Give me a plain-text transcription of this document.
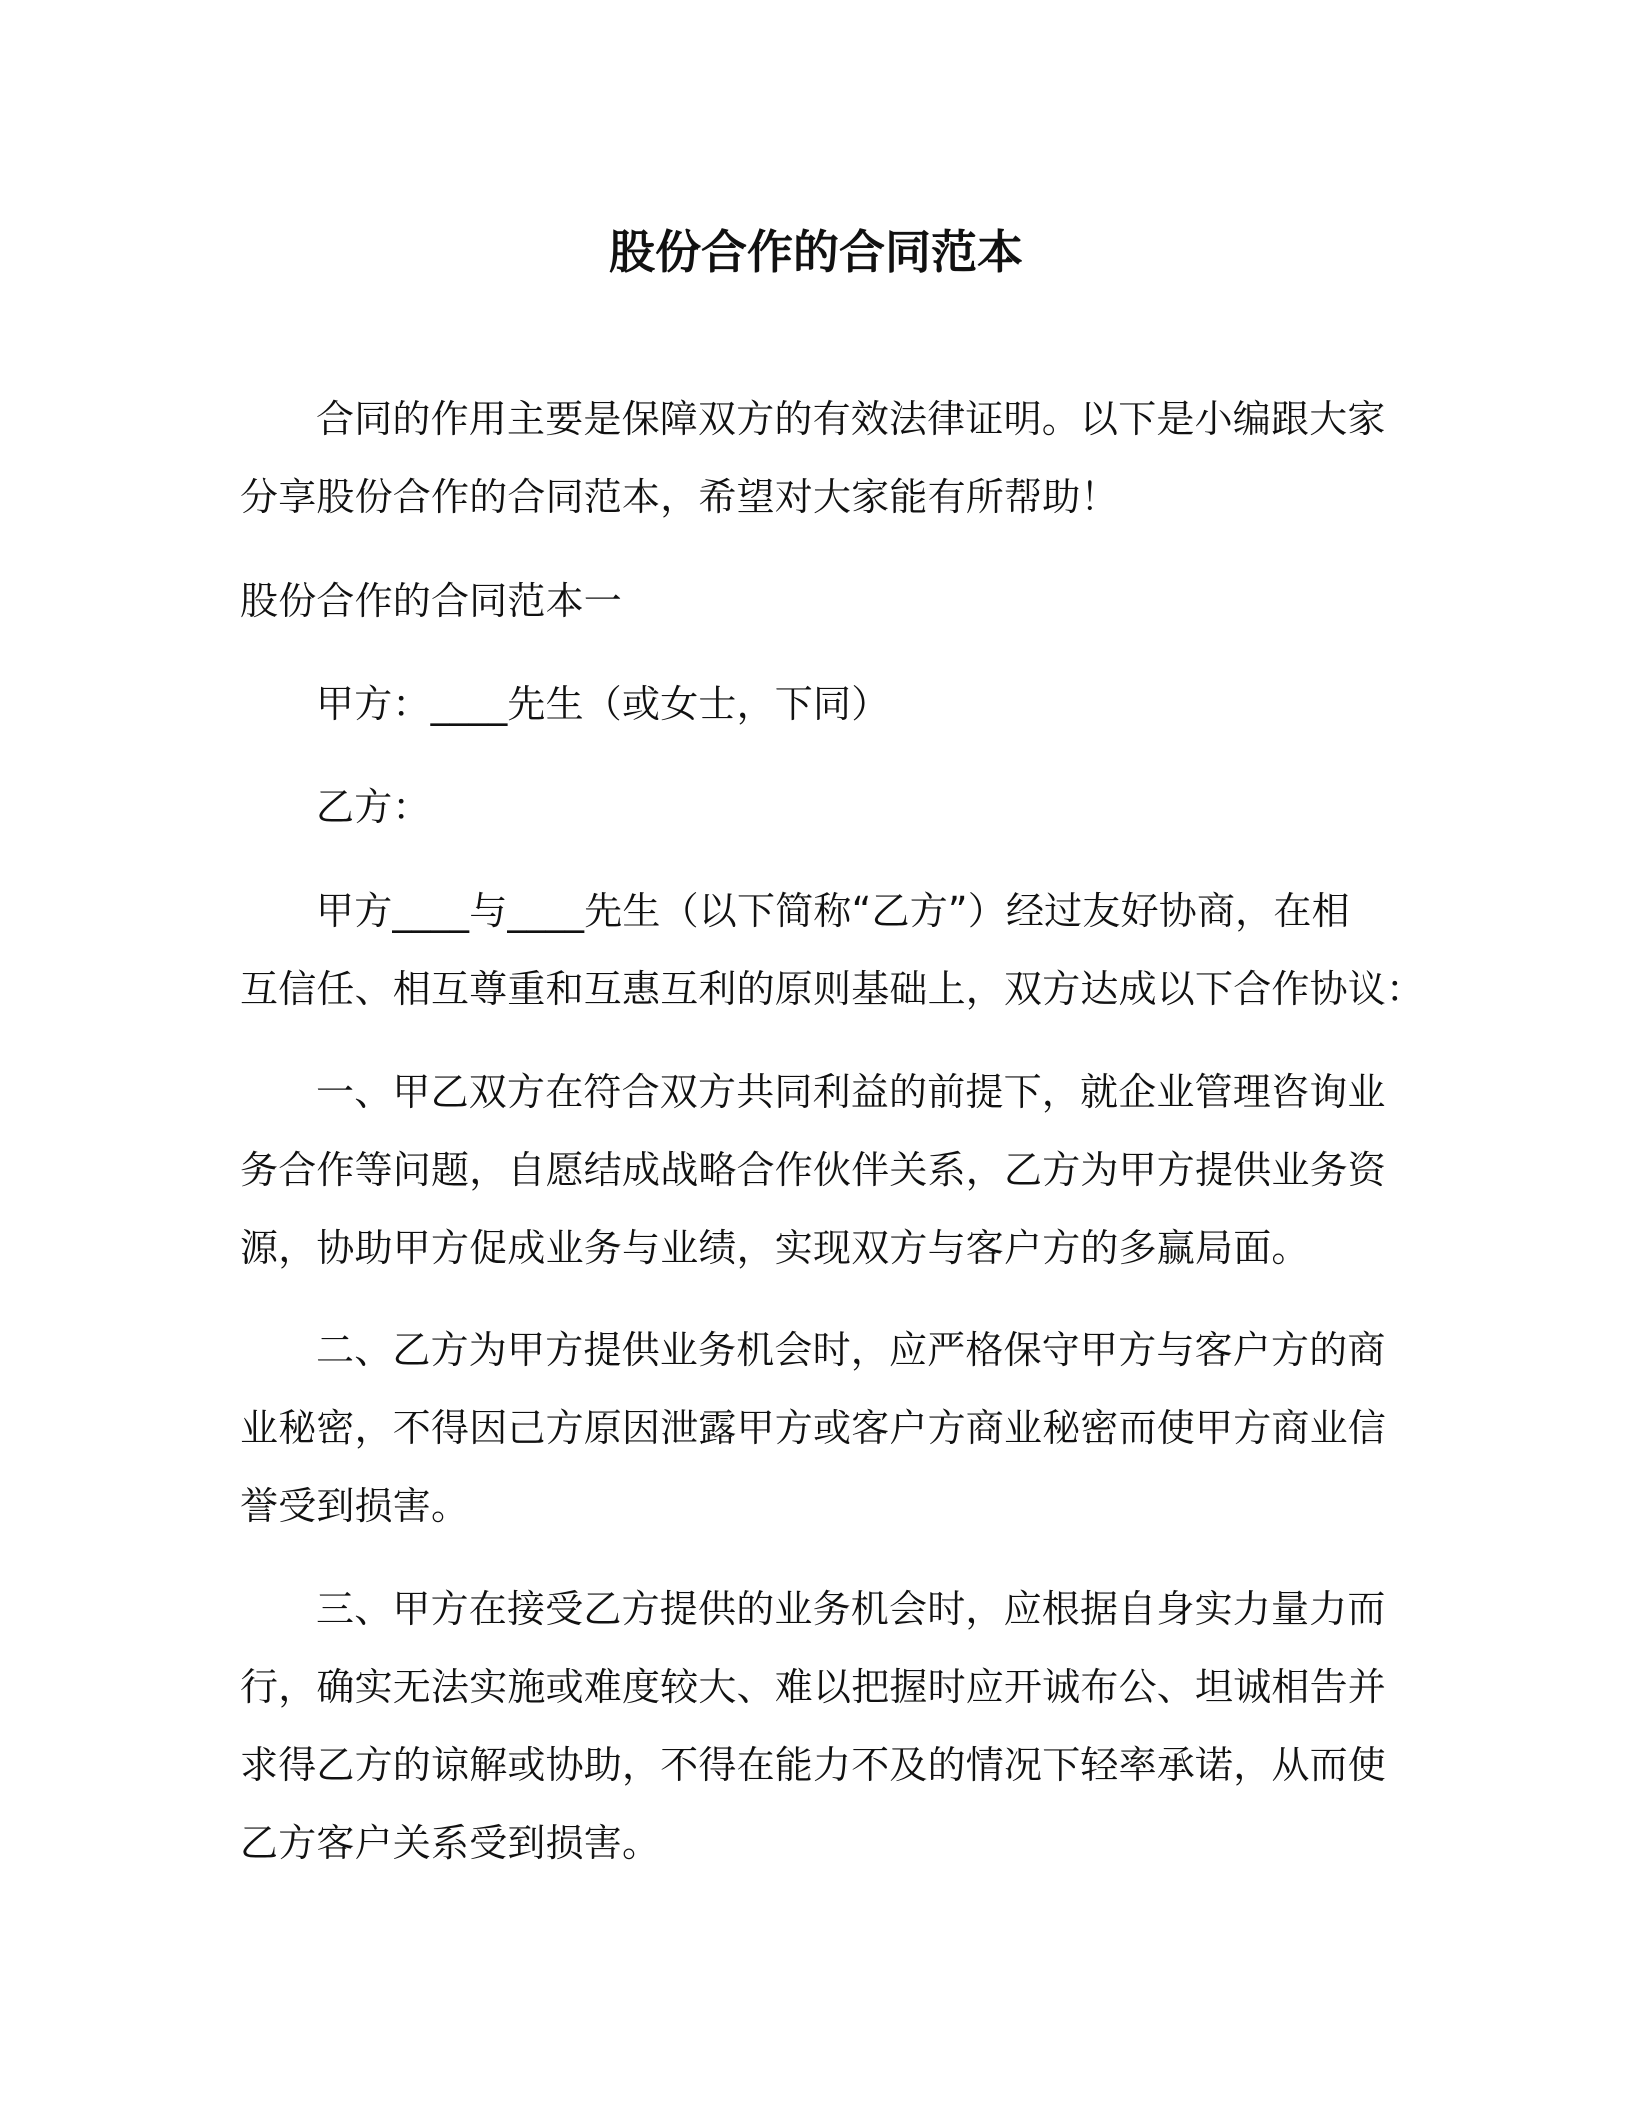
股份合作的合同范本
合同的作用主要是保障双方的有效法律证明。以下是小编跟大家
分享股份合作的合同范本，希望对大家能有所帮助！
股份合作的合同范本一
甲方：____先生（或女士，下同）
乙方：
甲方____与____先生（以下简称“乙方”）经过友好协商，在相
互信任、相互尊重和互惠互利的原则基础上，双方达成以下合作协议：
一、甲乙双方在符合双方共同利益的前提下，就企业管理咨询业
务合作等问题，自愿结成战略合作伙伴关系，乙方为甲方提供业务资
源，协助甲方促成业务与业绩，实现双方与客户方的多赢局面。
二、乙方为甲方提供业务机会时，应严格保守甲方与客户方的商
业秘密，不得因己方原因泄露甲方或客户方商业秘密而使甲方商业信
誉受到损害。
三、甲方在接受乙方提供的业务机会时，应根据自身实力量力而
行，确实无法实施或难度较大、难以把握时应开诚布公、坦诚相告并
求得乙方的谅解或协助，不得在能力不及的情况下轻率承诺，从而使
乙方客户关系受到损害。
